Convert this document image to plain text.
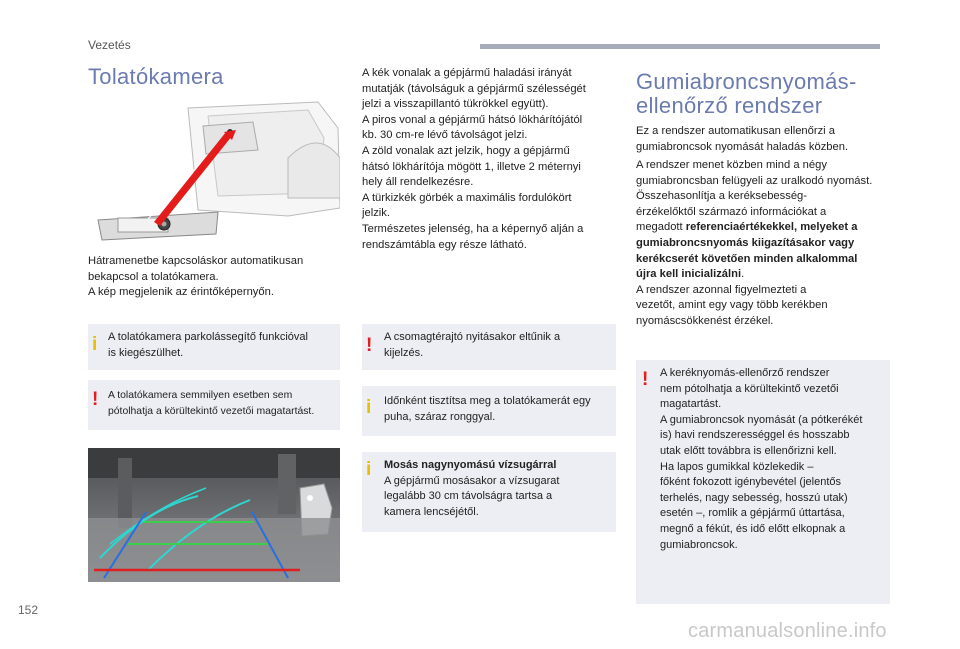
Vezetés
Tolatókamera
Hátramenetbe kapcsoláskor automatikusan
bekapcsol a tolatókamera.
A kép megjelenik az érintőképernyőn.
i A tolatókamera parkolássegítő funkcióval
is kiegészülhet.
! A tolatókamera semmilyen esetben sem
pótolhatja a körültekintő vezetői magatartást.
A kék vonalak a gépjármű haladási irányát
mutatják (távolságuk a gépjármű szélességét
jelzi a visszapillantó tükrökkel együtt).
A piros vonal a gépjármű hátsó lökhárítójától
kb. 30 cm-re lévő távolságot jelzi.
A zöld vonalak azt jelzik, hogy a gépjármű
hátsó lökhárítója mögött 1, illetve 2 méternyi
hely áll rendelkezésre.
A türkizkék görbék a maximális fordulókört
jelzik.
Természetes jelenség, ha a képernyő alján a
rendszámtábla egy része látható.
! A csomagtérajtó nyitásakor eltűnik a
kijelzés.
i Időnként tisztítsa meg a tolatókamerát egy
puha, száraz ronggyal.
i Mosás nagynyomású vízsugárral
A gépjármű mosásakor a vízsugarat
legalább 30 cm távolságra tartsa a
kamera lencséjétől.
Gumiabroncsnyomás-
ellenőrző rendszer
Ez a rendszer automatikusan ellenőrzi a
gumiabroncsok nyomását haladás közben.
A rendszer menet közben mind a négy
gumiabroncsban felügyeli az uralkodó nyomást.
Összehasonlítja a keréksebesség-
érzékelőktől származó információkat a
megadott referenciaértékekkel, melyeket a
gumiabroncsnyomás kiigazításakor vagy
kerékcserét követően minden alkalommal
újra kell inicializálni.
A rendszer azonnal figyelmezteti a
vezetőt, amint egy vagy több kerékben
nyomáscsökkenést érzékel.
! A keréknyomás-ellenőrző rendszer
nem pótolhatja a körültekintő vezetői
magatartást.
A gumiabroncsok nyomását (a pótkerékét
is) havi rendszerességgel és hosszabb
utak előtt továbbra is ellenőrizni kell.
Ha lapos gumikkal közlekedik –
főként fokozott igénybevétel (jelentős
terhelés, nagy sebesség, hosszú utak)
esetén –, romlik a gépjármű úttartása,
megnő a fékút, és idő előtt elkopnak a
gumiabroncsok.
152
carmanualsonline.info
